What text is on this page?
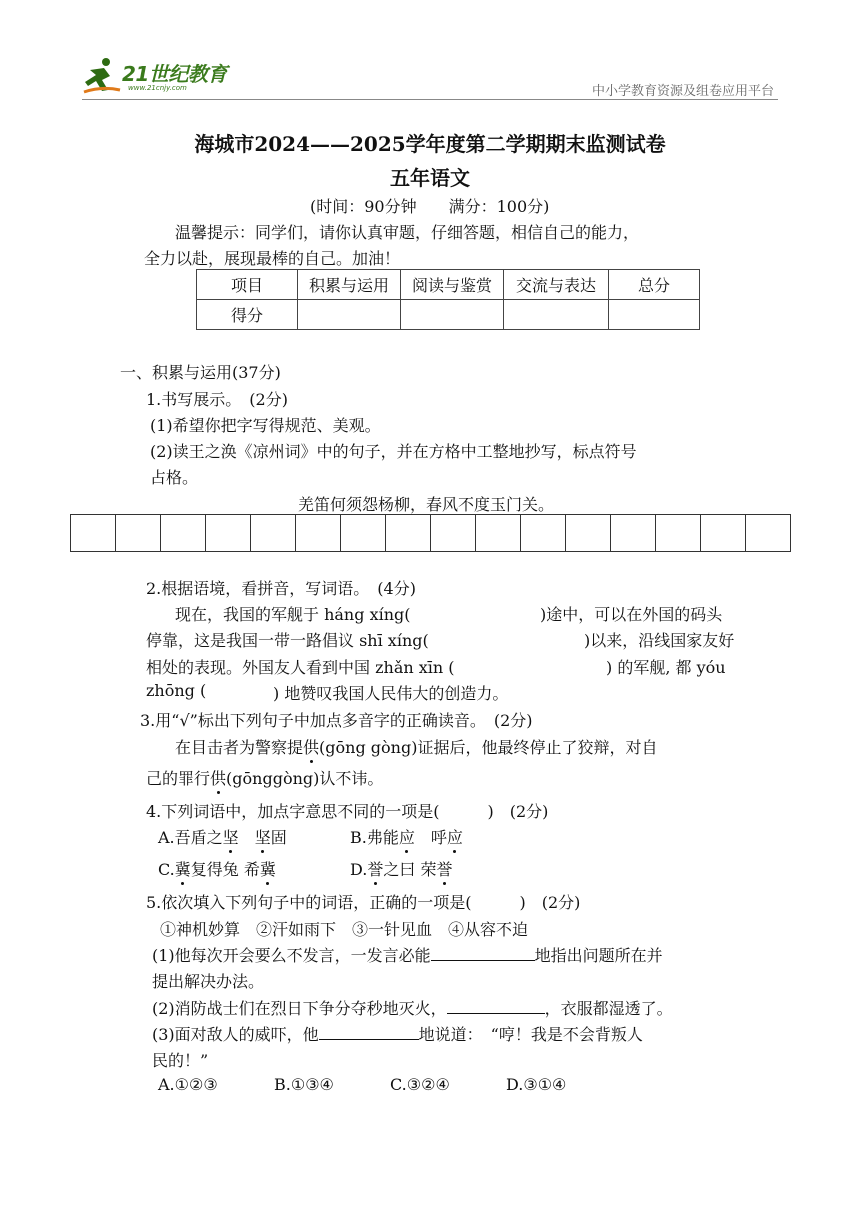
21世纪教育
www.21cnjy.com	中小学教育资源及组卷应用平台
海城市2024——2025学年度第二学期期末监测试卷
五年语文
(时间：90分钟　　满分：100分)
温馨提示：同学们，请你认真审题，仔细答题，相信自己的能力，
全力以赴，展现最棒的自己。加油！
项目	积累与运用	阅读与鉴赏	交流与表达	总分
得分				
一、积累与运用(37分)
1.书写展示。　(2分)
(1)希望你把字写得规范、美观。
(2)读王之涣《凉州词》中的句子，并在方格中工整地抄写，标点符号
占格。
羌笛何须怨杨柳，春风不度玉门关。

2.根据语境，看拼音，写词语。　(4分)
现在，我国的军舰于 háng xíng(	)途中，可以在外国的码头
停靠，这是我国一带一路倡议 shī xíng(	)以来，沿线国家友好
相处的表现。外国友人看到中国 zhǎn xīn (	) 的军舰, 都 yóu
zhōng (	) 地赞叹我国人民伟大的创造力。
3.用“√”标出下列句子中加点多音字的正确读音。　(2分)
在目击者为警察提供(gōng gòng)证据后，他最终停止了狡辩，对自
己的罪行供(gōnggòng)认不讳。
4.下列词语中，加点字意思不同的一项是(　　　)　(2分)
A.吾盾之坚　 坚固	B.弗能应　呼应
C.冀复得兔 希冀	D.誉之曰 荣誉
5.依次填入下列句子中的词语，正确的一项是(　　　)　(2分)
①神机妙算　②汗如雨下　③一针见血　④从容不迫
(1)他每次开会要么不发言，一发言必能	地指出问题所在并
提出解决办法。
(2)消防战士们在烈日下争分夺秒地灭火，	，衣服都湿透了。
(3)面对敌人的威吓，他	地说道：　“哼！我是不会背叛人
民的！”
A.①②③	B.①③④	C.③②④	D.③①④
